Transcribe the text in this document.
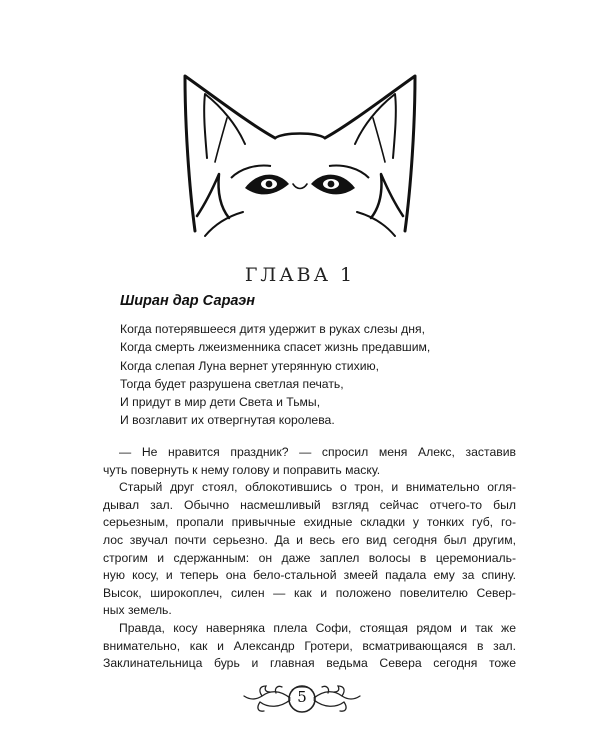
ГЛАВА 1
Ширан дар Сараэн
Когда потерявшееся дитя удержит в руках слезы дня,
Когда смерть лжеизменника спасет жизнь предавшим,
Когда слепая Луна вернет утерянную стихию,
Тогда будет разрушена светлая печать,
И придут в мир дети Света и Тьмы,
И возглавит их отвергнутая королева.
— Не нравится праздник? — спросил меня Алекс, заставив
чуть повернуть к нему голову и поправить маску.
Старый друг стоял, облокотившись о трон, и внимательно огля-
дывал зал. Обычно насмешливый взгляд сейчас отчего-то был
серьезным, пропали привычные ехидные складки у тонких губ, го-
лос звучал почти серьезно. Да и весь его вид сегодня был другим,
строгим и сдержанным: он даже заплел волосы в церемониаль-
ную косу, и теперь она бело-стальной змеей падала ему за спину.
Высок, широкоплеч, силен — как и положено повелителю Север-
ных земель.
Правда, косу наверняка плела Софи, стоящая рядом и так же
внимательно, как и Александр Гротери, всматривающаяся в зал.
Заклинательница бурь и главная ведьма Севера сегодня тоже
5
